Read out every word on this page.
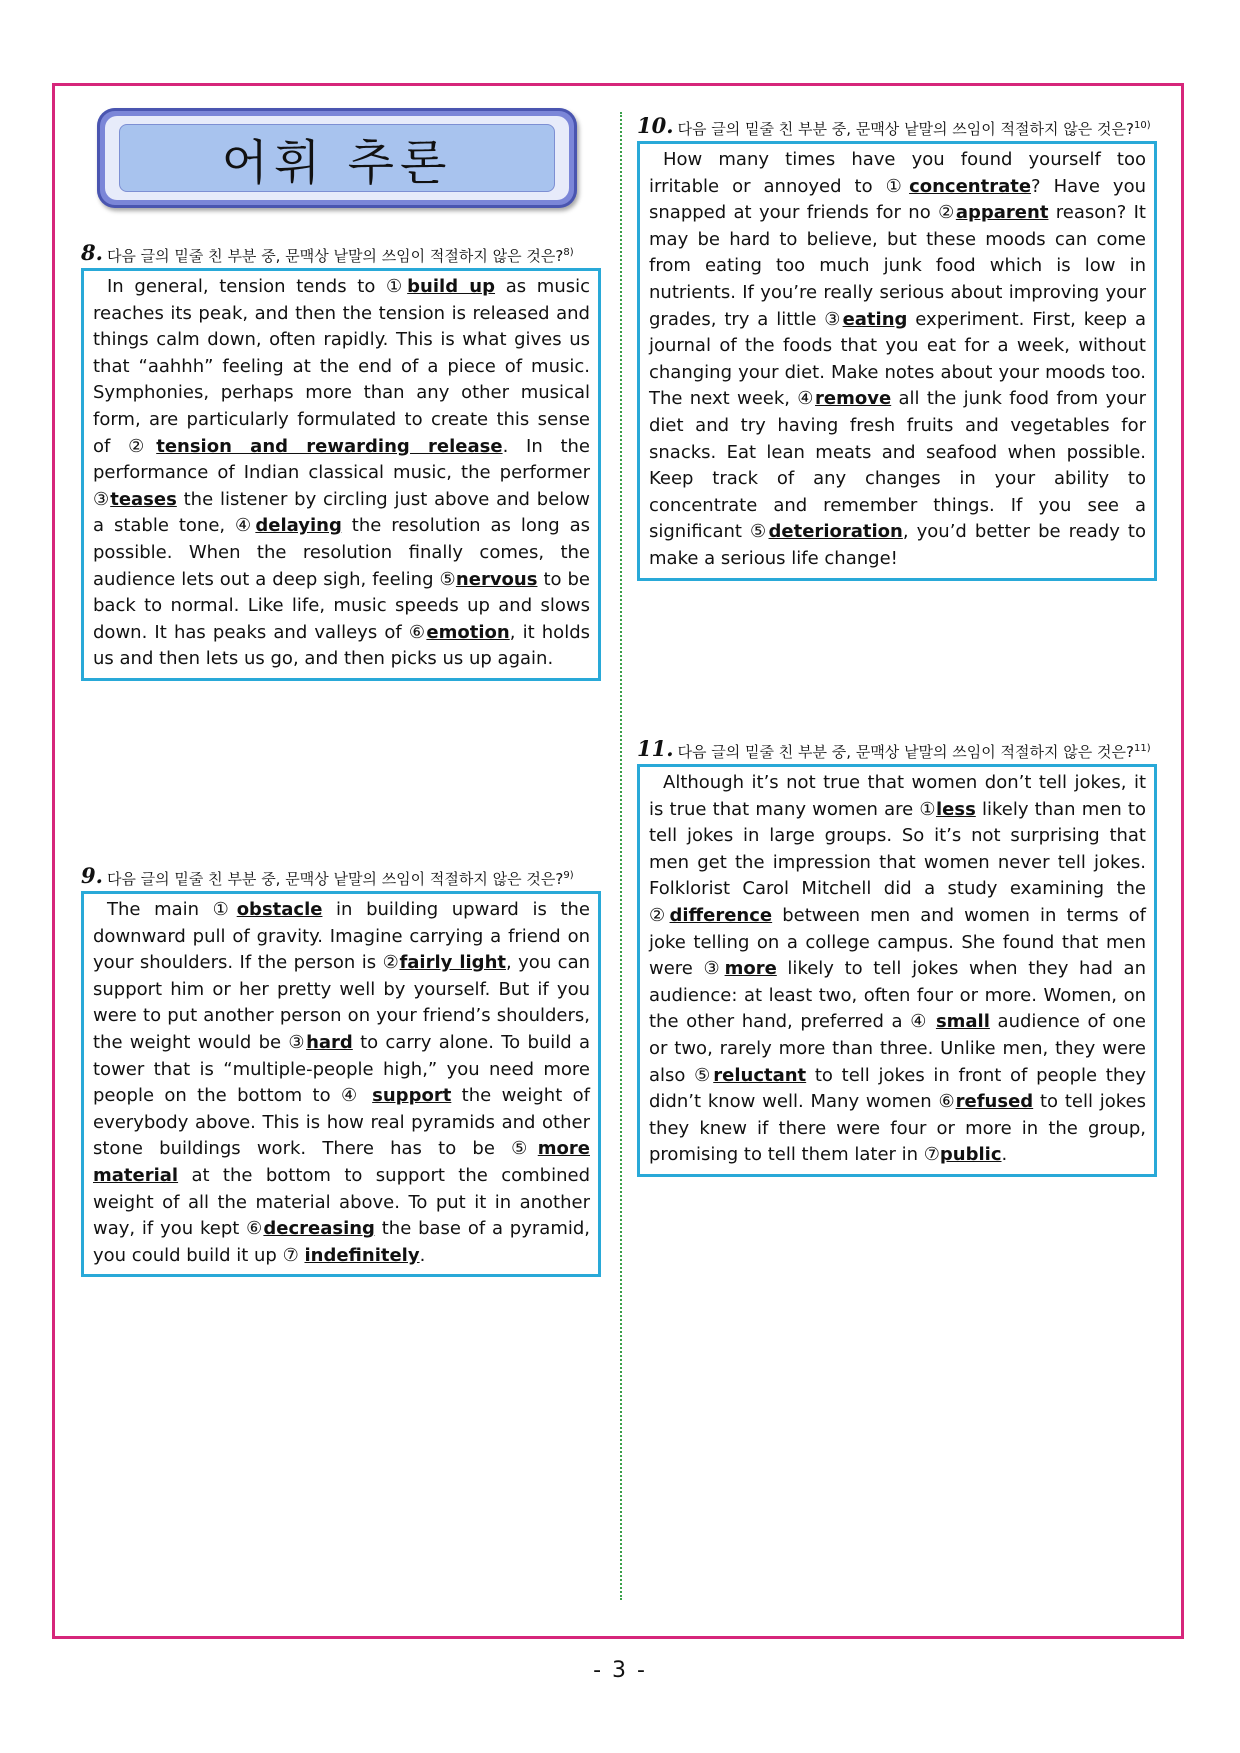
어휘 추론
8. 다음 글의 밑줄 친 부분 중, 문맥상 낱말의 쓰임이 적절하지 않은 것은?$^{8)}$

In general, tension tends to ①build up as music reaches its peak, and then the tension is released and things calm down, often rapidly. This is what gives us that “aahhh” feeling at the end of a piece of music. Symphonies, perhaps more than any other musical form, are particularly formulated to create this sense of ②tension and rewarding release. In the performance of Indian classical music, the performer ③teases the listener by circling just above and below a stable tone, ④delaying the resolution as long as possible. When the resolution finally comes, the audience lets out a deep sigh, feeling ⑤nervous to be back to normal. Like life, music speeds up and slows down. It has peaks and valleys of ⑥emotion, it holds us and then lets us go, and then picks us up again.

9. 다음 글의 밑줄 친 부분 중, 문맥상 낱말의 쓰임이 적절하지 않은 것은?$^{9)}$

The main ①obstacle in building upward is the downward pull of gravity. Imagine carrying a friend on your shoulders. If the person is ②fairly light, you can support him or her pretty well by yourself. But if you were to put another person on your friend’s shoulders, the weight would be ③hard to carry alone. To build a tower that is “multiple-people high,” you need more people on the bottom to ④ support the weight of everybody above. This is how real pyramids and other stone buildings work. There has to be ⑤more material at the bottom to support the combined weight of all the material above. To put it in another way, if you kept ⑥decreasing the base of a pyramid, you could build it up ⑦ indefinitely.

10. 다음 글의 밑줄 친 부분 중, 문맥상 낱말의 쓰임이 적절하지 않은 것은?$^{10)}$

How many times have you found yourself too irritable or annoyed to ①concentrate? Have you snapped at your friends for no ②apparent reason? It may be hard to believe, but these moods can come from eating too much junk food which is low in nutrients. If you’re really serious about improving your grades, try a little ③eating experiment. First, keep a journal of the foods that you eat for a week, without changing your diet. Make notes about your moods too. The next week, ④remove all the junk food from your diet and try having fresh fruits and vegetables for snacks. Eat lean meats and seafood when possible. Keep track of any changes in your ability to concentrate and remember things. If you see a significant ⑤deterioration, you’d better be ready to make a serious life change!

11. 다음 글의 밑줄 친 부분 중, 문맥상 낱말의 쓰임이 적절하지 않은 것은?$^{11)}$

Although it’s not true that women don’t tell jokes, it is true that many women are ①less likely than men to tell jokes in large groups. So it’s not surprising that men get the impression that women never tell jokes. Folklorist Carol Mitchell did a study examining the ②difference between men and women in terms of joke telling on a college campus. She found that men were ③more likely to tell jokes when they had an audience: at least two, often four or more. Women, on the other hand, preferred a ④ small audience of one or two, rarely more than three. Unlike men, they were also ⑤reluctant to tell jokes in front of people they didn’t know well. Many women ⑥refused to tell jokes they knew if there were four or more in the group, promising to tell them later in ⑦public.

- 3 -
